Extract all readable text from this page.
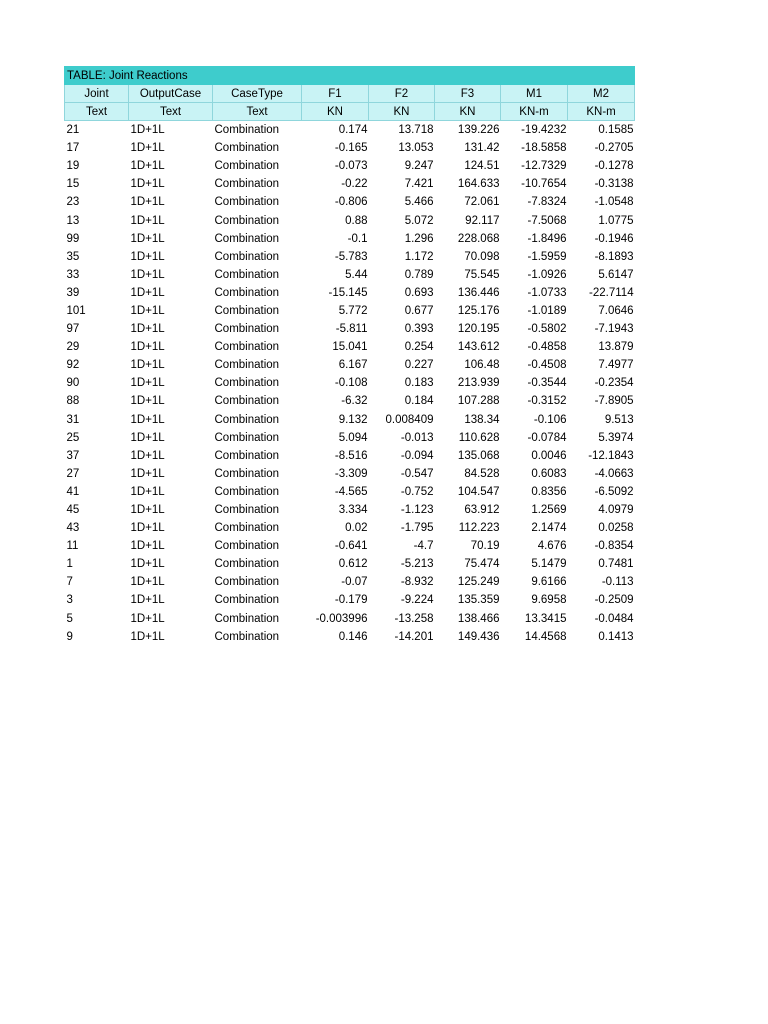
TABLE: Joint Reactions							
Joint	OutputCase	CaseType	F1	F2	F3	M1	M2
Text	Text	Text	KN	KN	KN	KN-m	KN-m
21	1D+1L	Combination	0.174	13.718	139.226	-19.4232	0.1585
17	1D+1L	Combination	-0.165	13.053	131.42	-18.5858	-0.2705
19	1D+1L	Combination	-0.073	9.247	124.51	-12.7329	-0.1278
15	1D+1L	Combination	-0.22	7.421	164.633	-10.7654	-0.3138
23	1D+1L	Combination	-0.806	5.466	72.061	-7.8324	-1.0548
13	1D+1L	Combination	0.88	5.072	92.117	-7.5068	1.0775
99	1D+1L	Combination	-0.1	1.296	228.068	-1.8496	-0.1946
35	1D+1L	Combination	-5.783	1.172	70.098	-1.5959	-8.1893
33	1D+1L	Combination	5.44	0.789	75.545	-1.0926	5.6147
39	1D+1L	Combination	-15.145	0.693	136.446	-1.0733	-22.7114
101	1D+1L	Combination	5.772	0.677	125.176	-1.0189	7.0646
97	1D+1L	Combination	-5.811	0.393	120.195	-0.5802	-7.1943
29	1D+1L	Combination	15.041	0.254	143.612	-0.4858	13.879
92	1D+1L	Combination	6.167	0.227	106.48	-0.4508	7.4977
90	1D+1L	Combination	-0.108	0.183	213.939	-0.3544	-0.2354
88	1D+1L	Combination	-6.32	0.184	107.288	-0.3152	-7.8905
31	1D+1L	Combination	9.132	0.008409	138.34	-0.106	9.513
25	1D+1L	Combination	5.094	-0.013	110.628	-0.0784	5.3974
37	1D+1L	Combination	-8.516	-0.094	135.068	0.0046	-12.1843
27	1D+1L	Combination	-3.309	-0.547	84.528	0.6083	-4.0663
41	1D+1L	Combination	-4.565	-0.752	104.547	0.8356	-6.5092
45	1D+1L	Combination	3.334	-1.123	63.912	1.2569	4.0979
43	1D+1L	Combination	0.02	-1.795	112.223	2.1474	0.0258
11	1D+1L	Combination	-0.641	-4.7	70.19	4.676	-0.8354
1	1D+1L	Combination	0.612	-5.213	75.474	5.1479	0.7481
7	1D+1L	Combination	-0.07	-8.932	125.249	9.6166	-0.113
3	1D+1L	Combination	-0.179	-9.224	135.359	9.6958	-0.2509
5	1D+1L	Combination	-0.003996	-13.258	138.466	13.3415	-0.0484
9	1D+1L	Combination	0.146	-14.201	149.436	14.4568	0.1413
